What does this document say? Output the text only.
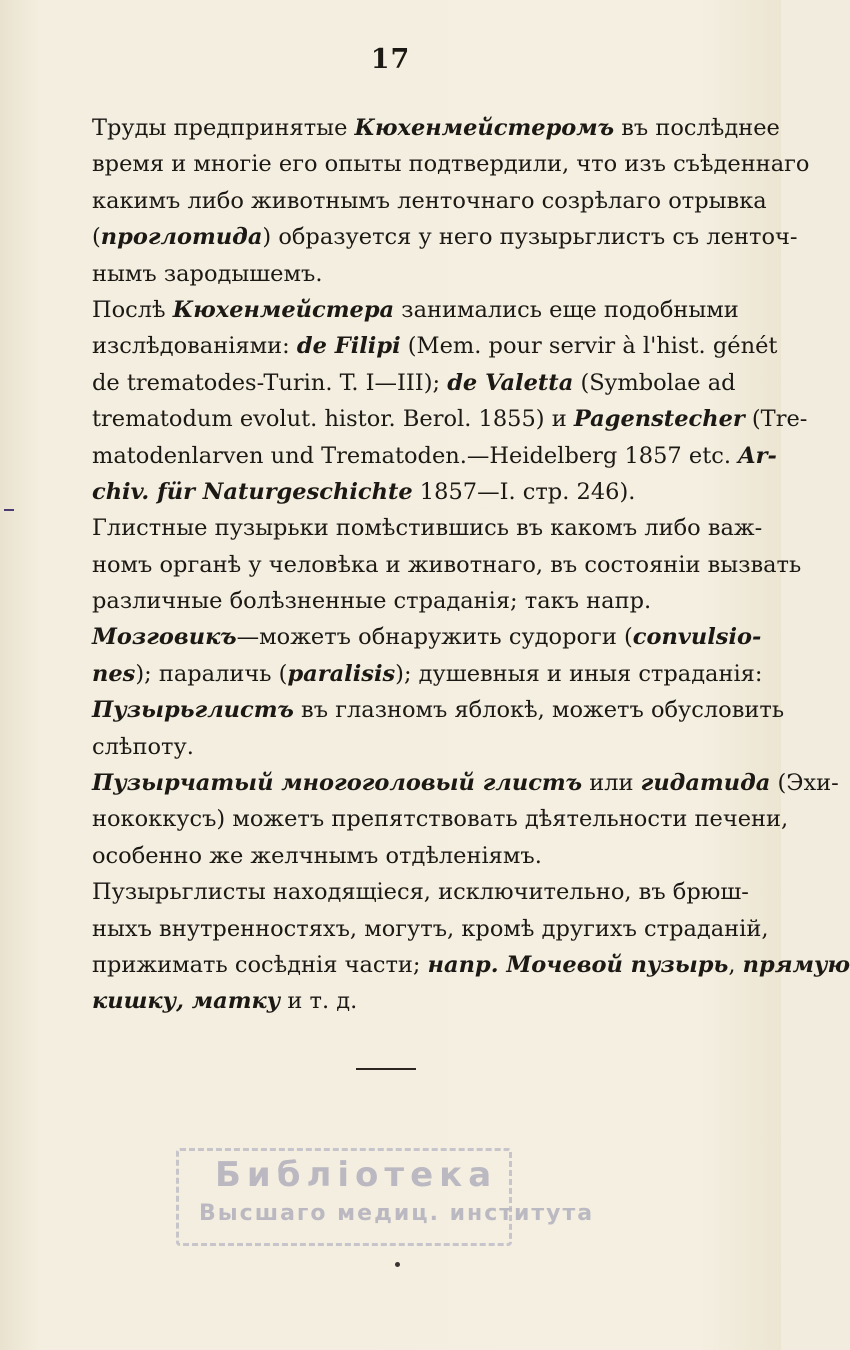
17
Труды предпринятые Кюхенмейстеромъ въ послѣднее
время и многіе его опыты подтвердили, что изъ съѣденнаго
какимъ либо животнымъ ленточнаго созрѣлаго отрывка
(проглотида) образуется у него пузырьглистъ съ ленточ-
нымъ зародышемъ.
Послѣ Кюхенмейстера занимались еще подобными
изслѣдованіями: de Filipi (Mem. pour servir à l'hist. génét
de trematodes-Turin. T. I—III); de Valetta (Symbolae ad
trematodum evolut. histor. Berol. 1855) и Pagenstecher (Tre-
matodenlarven und Trematoden.—Heidelberg 1857 etc. Ar-
chiv. für Naturgeschichte 1857—I. стр. 246).
Глистные пузырьки помѣстившись въ какомъ либо важ-
номъ органѣ у человѣка и животнаго, въ состояніи вызвать
различные болѣзненные страданія; такъ напр.
Мозговикъ—можетъ обнаружить судороги (convulsio-
nes); параличь (paralisis); душевныя и иныя страданія:
Пузырьглистъ въ глазномъ яблокѣ, можетъ обусловить
слѣпоту.
Пузырчатый многоголовый глистъ или гидатида (Эхи-
нококкусъ) можетъ препятствовать дѣятельности печени,
особенно же желчнымъ отдѣленіямъ.
Пузырьглисты находящіеся, исключительно, въ брюш-
ныхъ внутренностяхъ, могутъ, кромѣ другихъ страданій,
прижимать сосѣднія части; напр. Мочевой пузырь, прямую
кишку, матку и т. д.
Библіотека
Высшаго медиц. института
